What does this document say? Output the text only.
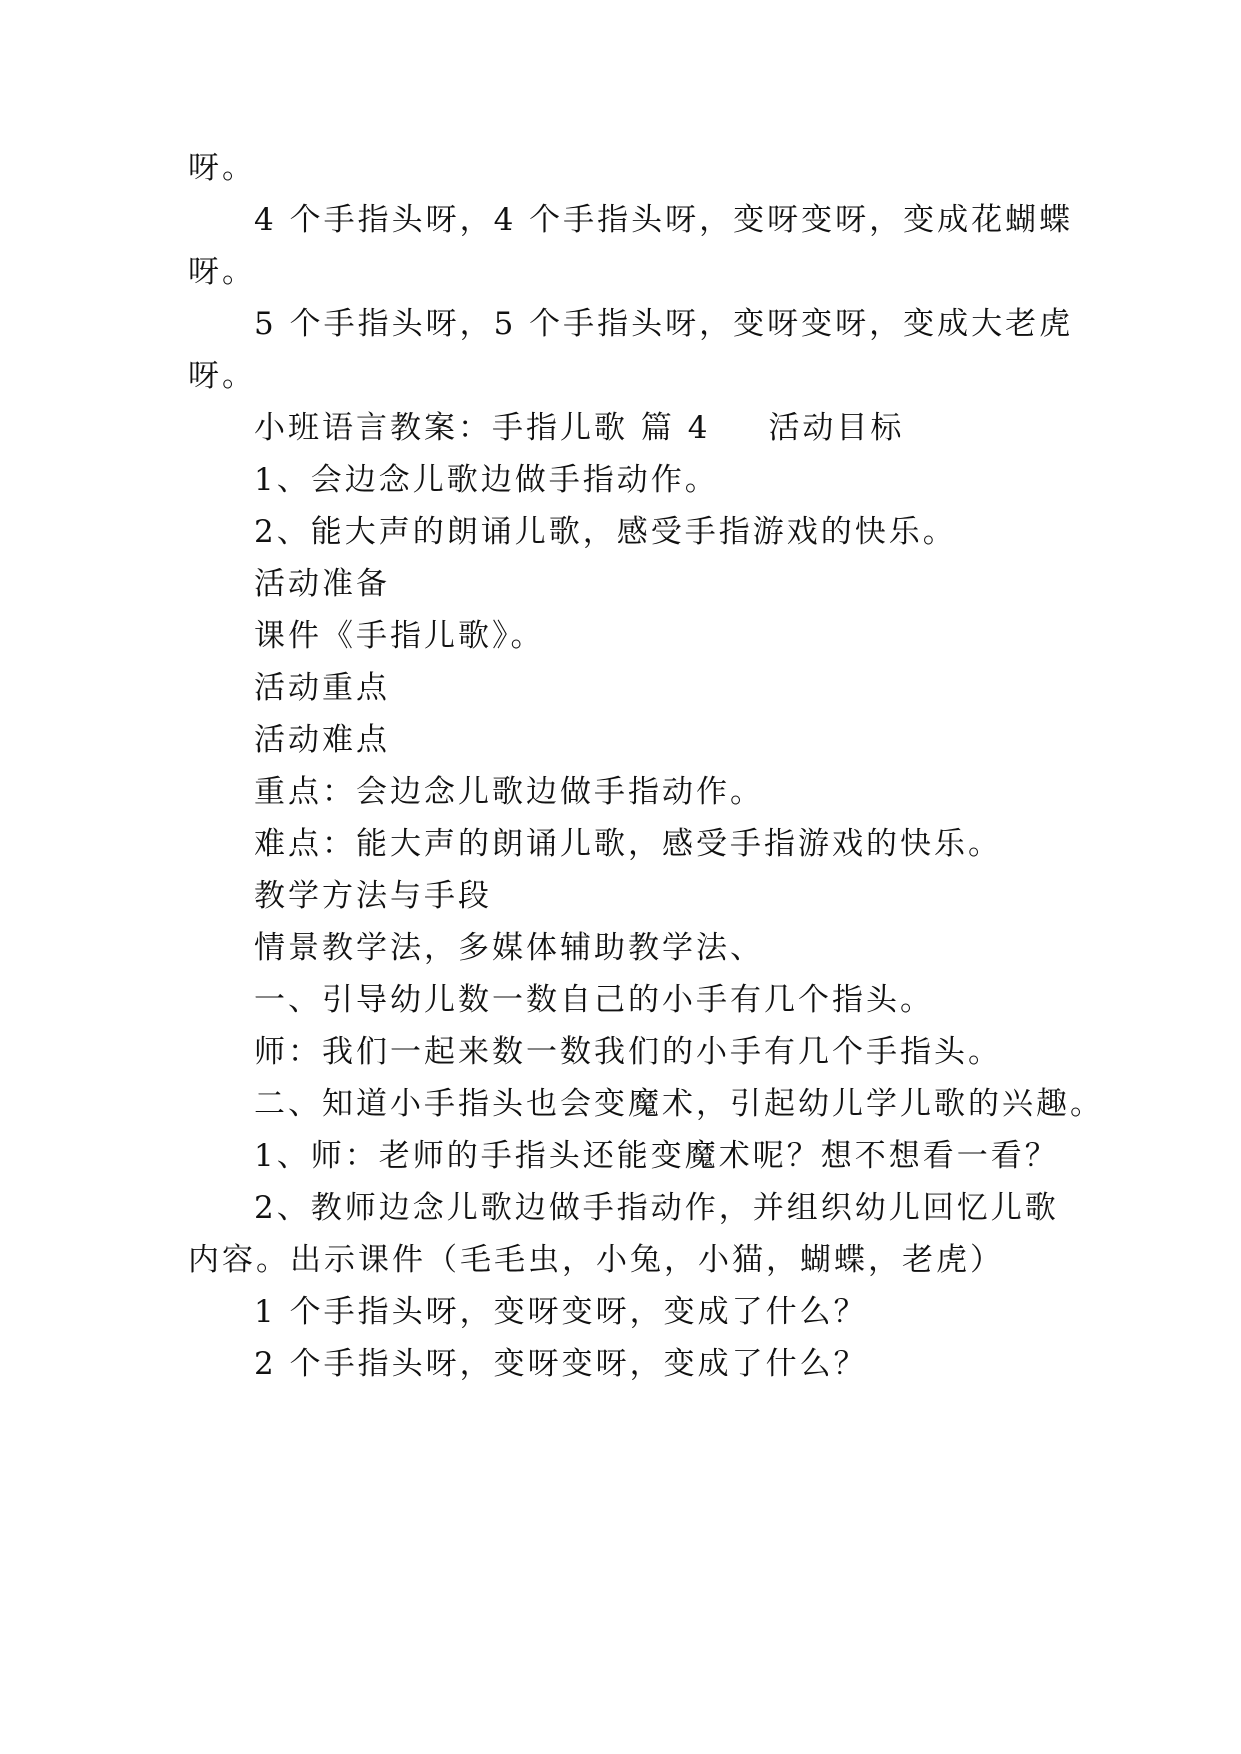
呀。
4 个手指头呀，4 个手指头呀，变呀变呀，变成花蝴蝶
呀。
5 个手指头呀，5 个手指头呀，变呀变呀，变成大老虎
呀。
小班语言教案：手指儿歌 篇 4 活动目标
1、会边念儿歌边做手指动作。
2、能大声的朗诵儿歌，感受手指游戏的快乐。
活动准备
课件《手指儿歌》。
活动重点
活动难点
重点：会边念儿歌边做手指动作。
难点：能大声的朗诵儿歌，感受手指游戏的快乐。
教学方法与手段
情景教学法，多媒体辅助教学法、
一、引导幼儿数一数自己的小手有几个指头。
师：我们一起来数一数我们的小手有几个手指头。
二、知道小手指头也会变魔术，引起幼儿学儿歌的兴趣。
1、师：老师的手指头还能变魔术呢？想不想看一看？
2、教师边念儿歌边做手指动作，并组织幼儿回忆儿歌
内容。出示课件（毛毛虫，小兔，小猫，蝴蝶，老虎）
1 个手指头呀，变呀变呀，变成了什么？
2 个手指头呀，变呀变呀，变成了什么？
